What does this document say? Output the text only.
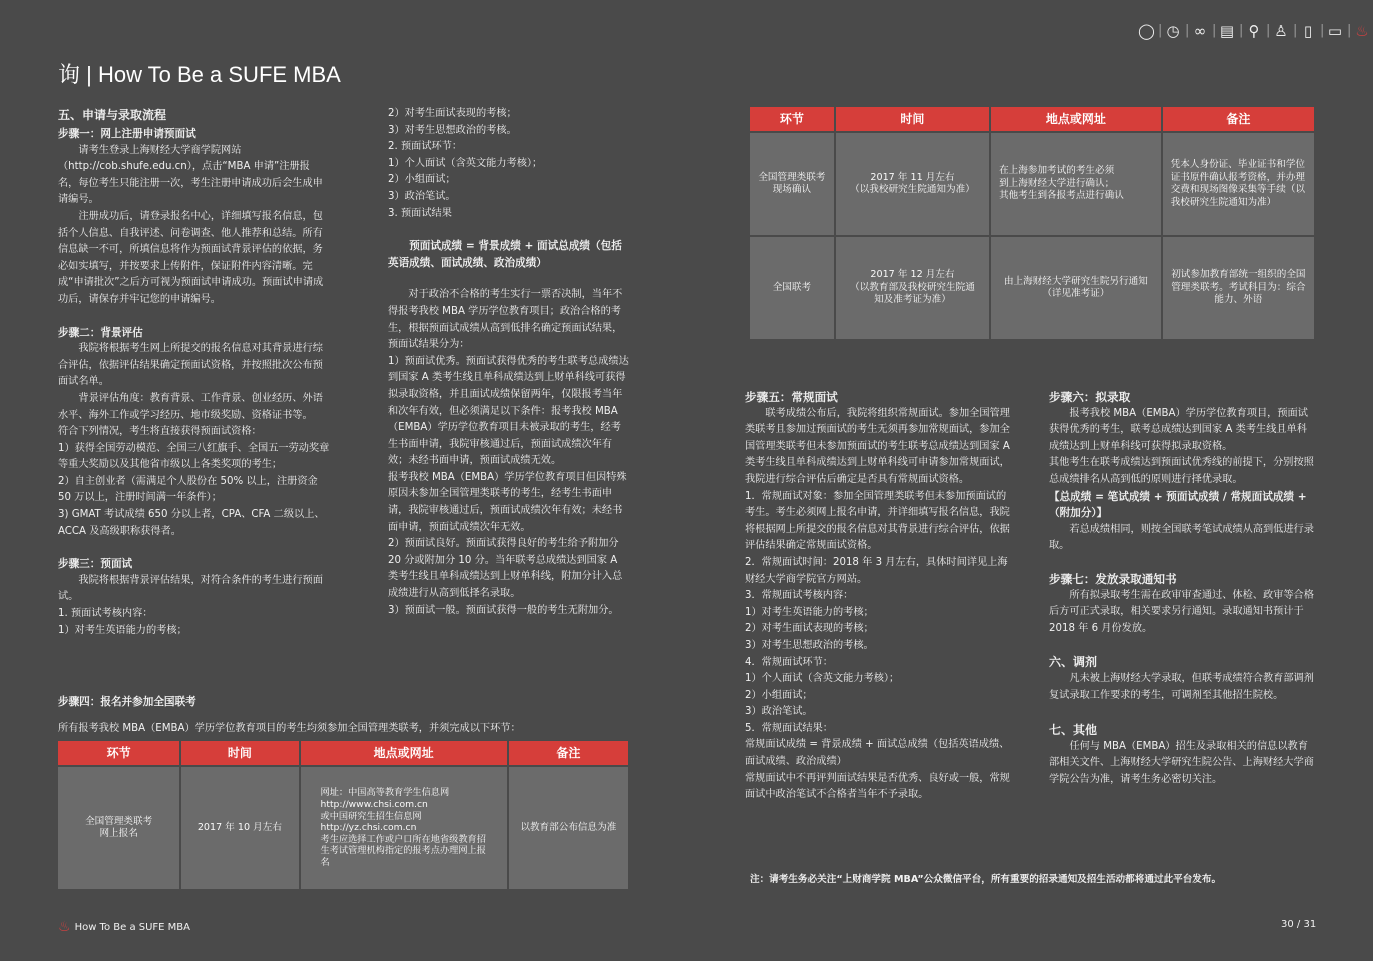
◯ | ◷ | ∞ | ▤ | ⚲ | ♙ | ▯ | ▭ | ♨
询 | How To Be a SUFE MBA

五、申请与录取流程

步骤一：网上注册申请预面试

请考生登录上海财经大学商学院网站（http://cob.shufe.edu.cn），点击“MBA 申请”注册报名，每位考生只能注册一次，考生注册申请成功后会生成申请编号。

注册成功后，请登录报名中心，详细填写报名信息，包括个人信息、自我评述、问卷调查、他人推荐和总结。所有信息缺一不可，所填信息将作为预面试背景评估的依据，务必如实填写，并按要求上传附件，保证附件内容清晰。完成“申请批次”之后方可视为预面试申请成功。预面试申请成功后，请保存并牢记您的申请编号。

步骤二：背景评估

我院将根据考生网上所提交的报名信息对其背景进行综合评估，依据评估结果确定预面试资格，并按照批次公布预面试名单。

背景评估角度：教育背景、工作背景、创业经历、外语水平、海外工作或学习经历、地市级奖励、资格证书等。

符合下列情况，考生将直接获得预面试资格：

1）获得全国劳动模范、全国三八红旗手、全国五一劳动奖章等重大奖励以及其他省市级以上各类奖项的考生；

2）自主创业者（需满足个人股份在 50% 以上，注册资金 50 万以上，注册时间满一年条件）；

3) GMAT 考试成绩 650 分以上者，CPA、CFA 二级以上、ACCA 及高级职称获得者。

步骤三：预面试

我院将根据背景评估结果，对符合条件的考生进行预面试。

1. 预面试考核内容：

1）对考生英语能力的考核；

2）对考生面试表现的考核；

3）对考生思想政治的考核。

2. 预面试环节：

1）个人面试（含英文能力考核）；

2）小组面试；

3）政治笔试。

3. 预面试结果

预面试成绩 = 背景成绩 + 面试总成绩（包括英语成绩、面试成绩、政治成绩）

对于政治不合格的考生实行一票否决制，当年不得报考我校 MBA 学历学位教育项目；政治合格的考生，根据预面试成绩从高到低排名确定预面试结果，预面试结果分为：

1）预面试优秀。预面试获得优秀的考生联考总成绩达到国家 A 类考生线且单科成绩达到上财单科线可获得拟录取资格，并且面试成绩保留两年，仅限报考当年和次年有效，但必须满足以下条件：报考我校 MBA（EMBA）学历学位教育项目未被录取的考生，经考生书面申请，我院审核通过后，预面试成绩次年有效；未经书面申请，预面试成绩无效。

报考我校 MBA（EMBA）学历学位教育项目但因特殊原因未参加全国管理类联考的考生，经考生书面申请，我院审核通过后，预面试成绩次年有效；未经书面申请，预面试成绩次年无效。

2）预面试良好。预面试获得良好的考生给予附加分 20 分或附加分 10 分。当年联考总成绩达到国家 A 类考生线且单科成绩达到上财单科线，附加分计入总成绩进行从高到低择名录取。

3）预面试一般。预面试获得一般的考生无附加分。

步骤四：报名并参加全国联考
所有报考我校 MBA（EMBA）学历学位教育项目的考生均须参加全国管理类联考，并须完成以下环节：
环节	时间	地点或网址	备注
全国管理类联考
网上报名	2017 年 10 月左右	网址：中国高等教育学生信息网
http://www.chsi.com.cn
或中国研究生招生信息网
http://yz.chsi.com.cn
考生应选择工作或户口所在地省级教育招生考试管理机构指定的报考点办理网上报名	以教育部公布信息为准
环节	时间	地点或网址	备注
全国管理类联考
现场确认	2017 年 11 月左右
（以我校研究生院通知为准）	在上海参加考试的考生必须
到上海财经大学进行确认；
其他考生到各报考点进行确认	凭本人身份证、毕业证书和学位证书原件确认报考资格，并办理交费和现场图像采集等手续（以我校研究生院通知为准）
全国联考	2017 年 12 月左右
（以教育部及我校研究生院通
知及准考证为准）	由上海财经大学研究生院另行通知
（详见准考证）	初试参加教育部统一组织的全国管理类联考。考试科目为：综合能力、外语

步骤五：常规面试

联考成绩公布后，我院将组织常规面试。参加全国管理类联考且参加过预面试的考生无须再参加常规面试，参加全国管理类联考但未参加预面试的考生联考总成绩达到国家 A 类考生线且单科成绩达到上财单科线可申请参加常规面试，我院进行综合评估后确定是否具有常规面试资格。

1．常规面试对象：参加全国管理类联考但未参加预面试的考生。考生必须网上报名申请，并详细填写报名信息，我院将根据网上所提交的报名信息对其背景进行综合评估，依据评估结果确定常规面试资格。

2．常规面试时间：2018 年 3 月左右，具体时间详见上海财经大学商学院官方网站。

3．常规面试考核内容：

1）对考生英语能力的考核；

2）对考生面试表现的考核；

3）对考生思想政治的考核。

4．常规面试环节：

1）个人面试（含英文能力考核）；

2）小组面试；

3）政治笔试。

5．常规面试结果：

常规面试成绩 = 背景成绩 + 面试总成绩（包括英语成绩、面试成绩、政治成绩）

常规面试中不再评判面试结果是否优秀、良好或一般，常规面试中政治笔试不合格者当年不予录取。

步骤六：拟录取

报考我校 MBA（EMBA）学历学位教育项目，预面试获得优秀的考生，联考总成绩达到国家 A 类考生线且单科成绩达到上财单科线可获得拟录取资格。

其他考生在联考成绩达到预面试优秀线的前提下，分别按照总成绩排名从高到低的原则进行择优录取。

【总成绩 = 笔试成绩 + 预面试成绩 / 常规面试成绩 +（附加分）】

若总成绩相同，则按全国联考笔试成绩从高到低进行录取。

步骤七：发放录取通知书

所有拟录取考生需在政审审查通过、体检、政审等合格后方可正式录取，相关要求另行通知。录取通知书预计于 2018 年 6 月份发放。

六、调剂

凡未被上海财经大学录取，但联考成绩符合教育部调剂复试录取工作要求的考生，可调剂至其他招生院校。

七、其他

任何与 MBA（EMBA）招生及录取相关的信息以教育部相关文件、上海财经大学研究生院公告、上海财经大学商学院公告为准，请考生务必密切关注。

注：请考生务必关注“上财商学院 MBA”公众微信平台，所有重要的招录通知及招生活动都将通过此平台发布。
♨ How To Be a SUFE MBA	30 / 31
